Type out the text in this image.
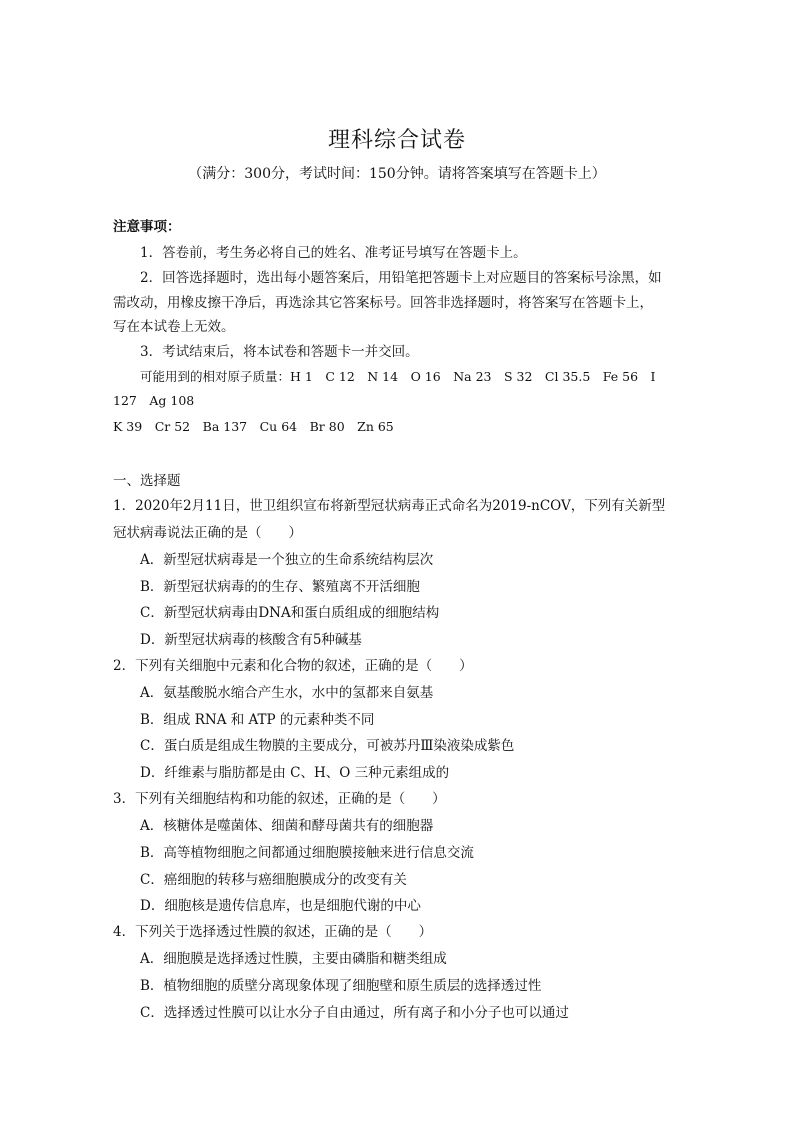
理科综合试卷
（满分：300分，考试时间：150分钟。请将答案填写在答题卡上）
注意事项：
1．答卷前，考生务必将自己的姓名、准考证号填写在答题卡上。
2．回答选择题时，选出每小题答案后，用铅笔把答题卡上对应题目的答案标号涂黑，如
需改动，用橡皮擦干净后，再选涂其它答案标号。回答非选择题时，将答案写在答题卡上，
写在本试卷上无效。
3．考试结束后，将本试卷和答题卡一并交回。
可能用到的相对原子质量：H 1　C 12　N 14　O 16　Na 23　S 32　Cl 35.5　Fe 56　I
127　Ag 108
K 39　Cr 52　Ba 137　Cu 64　Br 80　Zn 65
一、选择题
1．2020年2月11日，世卫组织宣布将新型冠状病毒正式命名为2019-nCOV，下列有关新型
冠状病毒说法正确的是（　　）
A．新型冠状病毒是一个独立的生命系统结构层次
B．新型冠状病毒的的生存、繁殖离不开活细胞
C．新型冠状病毒由DNA和蛋白质组成的细胞结构
D．新型冠状病毒的核酸含有5种碱基
2．下列有关细胞中元素和化合物的叙述，正确的是（　　）
A．氨基酸脱水缩合产生水，水中的氢都来自氨基
B．组成 RNA 和 ATP 的元素种类不同
C．蛋白质是组成生物膜的主要成分，可被苏丹Ⅲ染液染成紫色
D．纤维素与脂肪都是由 C、H、O 三种元素组成的
3．下列有关细胞结构和功能的叙述，正确的是（　　）
A．核糖体是噬菌体、细菌和酵母菌共有的细胞器
B．高等植物细胞之间都通过细胞膜接触来进行信息交流
C．癌细胞的转移与癌细胞膜成分的改变有关
D．细胞核是遗传信息库，也是细胞代谢的中心
4．下列关于选择透过性膜的叙述，正确的是（　　）
A．细胞膜是选择透过性膜，主要由磷脂和糖类组成
B．植物细胞的质壁分离现象体现了细胞壁和原生质层的选择透过性
C．选择透过性膜可以让水分子自由通过，所有离子和小分子也可以通过
